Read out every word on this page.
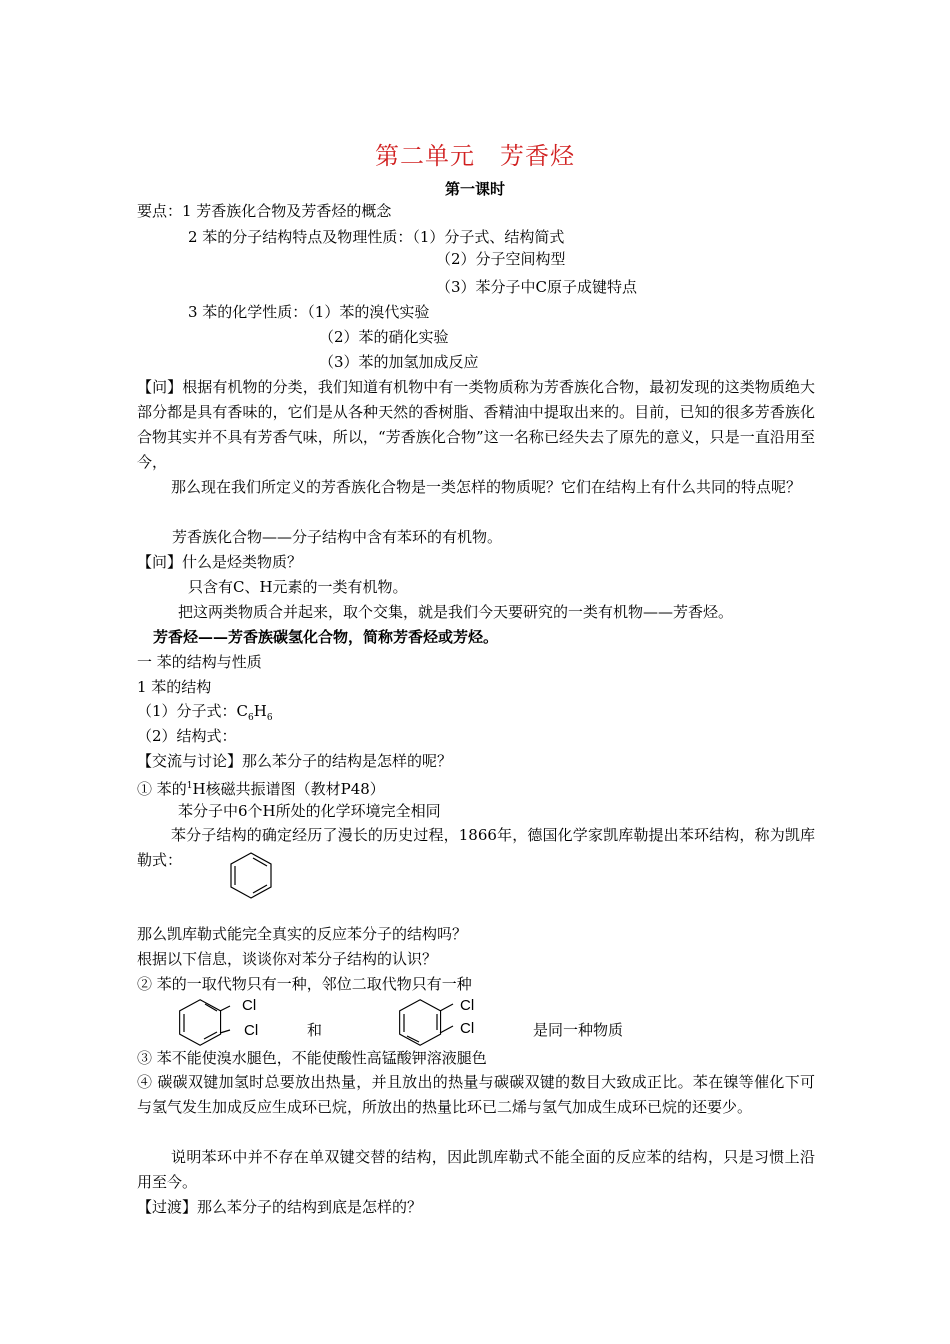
第二单元　芳香烃
第一课时
要点：1 芳香族化合物及芳香烃的概念
2 苯的分子结构特点及物理性质：（1）分子式、结构简式
（2）分子空间构型
（3）苯分子中C原子成键特点
3 苯的化学性质：（1）苯的溴代实验
（2）苯的硝化实验
（3）苯的加氢加成反应
【问】根据有机物的分类，我们知道有机物中有一类物质称为芳香族化合物，最初发现的这类物质绝大部分都是具有香味的，它们是从各种天然的香树脂、香精油中提取出来的。目前，已知的很多芳香族化合物其实并不具有芳香气味，所以，“芳香族化合物”这一名称已经失去了原先的意义，只是一直沿用至今，
那么现在我们所定义的芳香族化合物是一类怎样的物质呢？它们在结构上有什么共同的特点呢？
芳香族化合物——分子结构中含有苯环的有机物。
【问】什么是烃类物质？
只含有C、H元素的一类有机物。
把这两类物质合并起来，取个交集，就是我们今天要研究的一类有机物——芳香烃。
芳香烃——芳香族碳氢化合物，简称芳香烃或芳烃。
一 苯的结构与性质
1 苯的结构
（1）分子式：$C_6H_6$
（2）结构式：
【交流与讨论】那么苯分子的结构是怎样的呢？
① 苯的$^1$H核磁共振谱图（教材P48）
苯分子中6个H所处的化学环境完全相同
苯分子结构的确定经历了漫长的历史过程，1866年，德国化学家凯库勒提出苯环结构，称为凯库勒式：
那么凯库勒式能完全真实的反应苯分子的结构吗？
根据以下信息，谈谈你对苯分子结构的认识？
② 苯的一取代物只有一种，邻位二取代物只有一种
Cl
Cl	和
Cl
Cl	是同一种物质
③ 苯不能使溴水腿色，不能使酸性高锰酸钾溶液腿色
④ 碳碳双键加氢时总要放出热量，并且放出的热量与碳碳双键的数目大致成正比。苯在镍等催化下可与氢气发生加成反应生成环已烷，所放出的热量比环已二烯与氢气加成生成环已烷的还要少。
说明苯环中并不存在单双键交替的结构，因此凯库勒式不能全面的反应苯的结构，只是习惯上沿用至今。
【过渡】那么苯分子的结构到底是怎样的？
